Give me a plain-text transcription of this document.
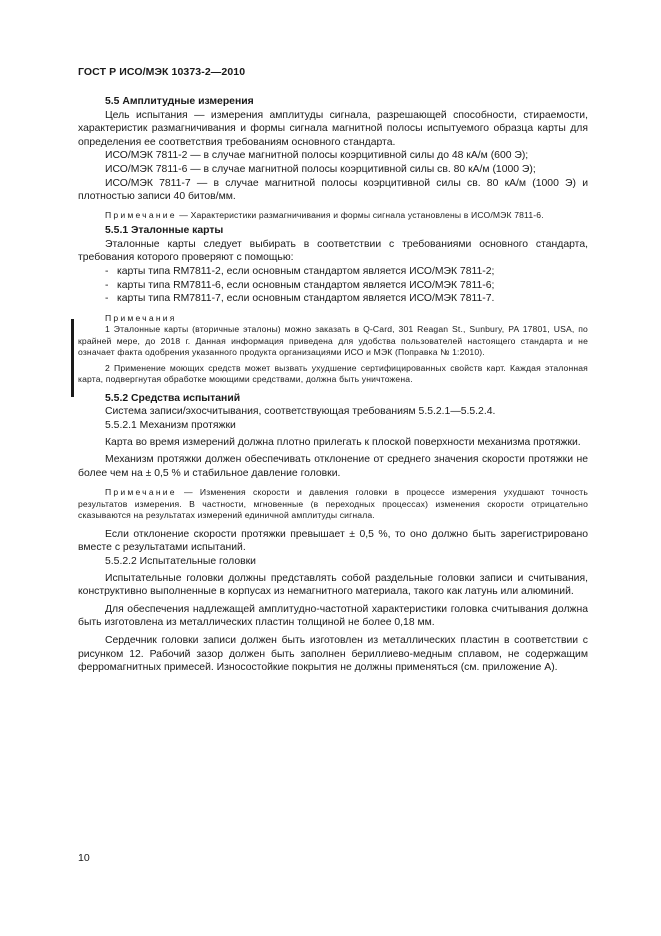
ГОСТ Р ИСО/МЭК 10373-2—2010

5.5 Амплитудные измерения

Цель испытания — измерения амплитуды сигнала, разрешающей способности, стираемости, характеристик размагничивания и формы сигнала магнитной полосы испытуемого образца карты для определения ее соответствия требованиям основного стандарта.

ИСО/МЭК 7811-2 — в случае магнитной полосы коэрцитивной силы до 48 кА/м (600 Э);

ИСО/МЭК 7811-6 — в случае магнитной полосы коэрцитивной силы св. 80 кА/м (1000 Э);

ИСО/МЭК 7811-7 — в случае магнитной полосы коэрцитивной силы св. 80 кА/м (1000 Э) и плотностью записи 40 битов/мм.

Примечание — Характеристики размагничивания и формы сигнала установлены в ИСО/МЭК 7811-6.

5.5.1 Эталонные карты

Эталонные карты следует выбирать в соответствии с требованиями основного стандарта, требования которого проверяют с помощью:

- карты типа RM7811-2, если основным стандартом является ИСО/МЭК 7811-2;
- карты типа RM7811-6, если основным стандартом является ИСО/МЭК 7811-6;
- карты типа RM7811-7, если основным стандартом является ИСО/МЭК 7811-7.

Примечания

1 Эталонные карты (вторичные эталоны) можно заказать в Q-Card, 301 Reagan St., Sunbury, PA 17801, USA, по крайней мере, до 2018 г. Данная информация приведена для удобства пользователей настоящего стандарта и не означает факта одобрения указанного продукта организациями ИСО и МЭК (Поправка № 1:2010).

2 Применение моющих средств может вызвать ухудшение сертифицированных свойств карт. Каждая эталонная карта, подвергнутая обработке моющими средствами, должна быть уничтожена.

5.5.2 Средства испытаний

Система записи/эхосчитывания, соответствующая требованиям 5.5.2.1—5.5.2.4.

5.5.2.1 Механизм протяжки

Карта во время измерений должна плотно прилегать к плоской поверхности механизма протяжки.

Механизм протяжки должен обеспечивать отклонение от среднего значения скорости протяжки не более чем на ± 0,5 % и стабильное давление головки.

Примечание — Изменения скорости и давления головки в процессе измерения ухудшают точность результатов измерения. В частности, мгновенные (в переходных процессах) изменения скорости отрицательно сказываются на результатах измерений единичной амплитуды сигнала.

Если отклонение скорости протяжки превышает ± 0,5 %, то оно должно быть зарегистрировано вместе с результатами испытаний.

5.5.2.2 Испытательные головки

Испытательные головки должны представлять собой раздельные головки записи и считывания, конструктивно выполненные в корпусах из немагнитного материала, такого как латунь или алюминий.

Для обеспечения надлежащей амплитудно-частотной характеристики головка считывания должна быть изготовлена из металлических пластин толщиной не более 0,18 мм.

Сердечник головки записи должен быть изготовлен из металлических пластин в соответствии с рисунком 12. Рабочий зазор должен быть заполнен бериллиево-медным сплавом, не содержащим ферромагнитных примесей. Износостойкие покрытия не должны применяться (см. приложение А).

10
